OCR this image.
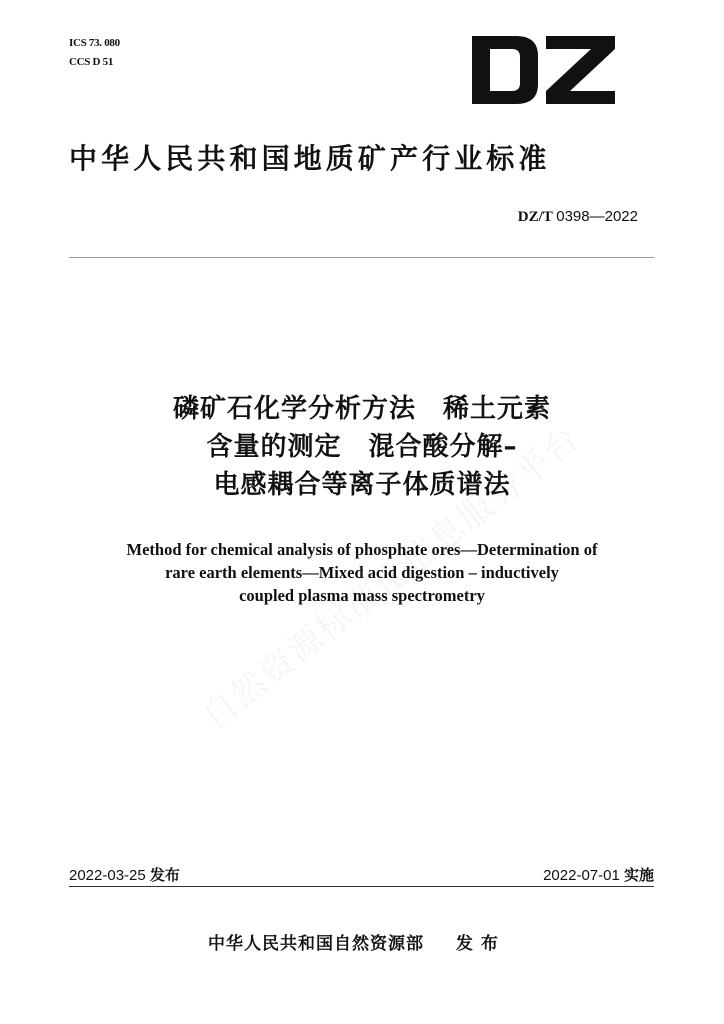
ICS 73. 080
CCS D 51
中华人民共和国地质矿产行业标准
DZ/T 0398—2022
磷矿石化学分析方法　稀土元素
含量的测定　混合酸分解–
电感耦合等离子体质谱法
Method for chemical analysis of phosphate ores—Determination of
rare earth elements—Mixed acid digestion – inductively
coupled plasma mass spectrometry
2022-03-25 发布	2022-07-01 实施
中华人民共和国自然资源部 发布
